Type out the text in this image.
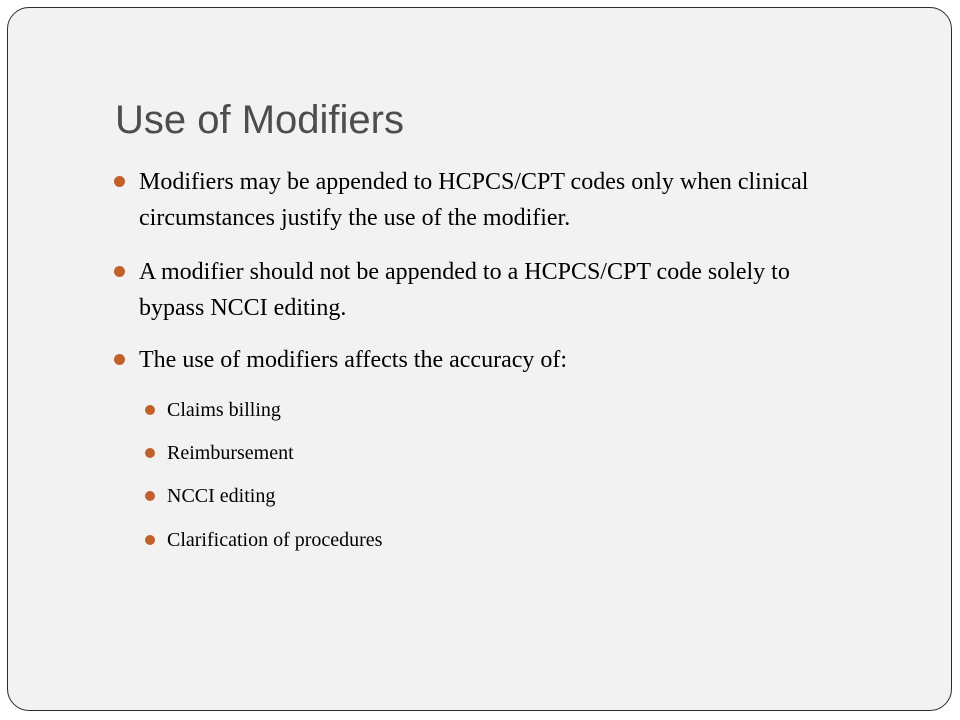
Use of Modifiers

Modifiers may be appended to HCPCS/CPT codes only when clinical circumstances justify the use of the modifier.

A modifier should not be appended to a HCPCS/CPT code solely to bypass NCCI editing.

The use of modifiers affects the accuracy of:

Claims billing

Reimbursement

NCCI editing

Clarification of procedures
